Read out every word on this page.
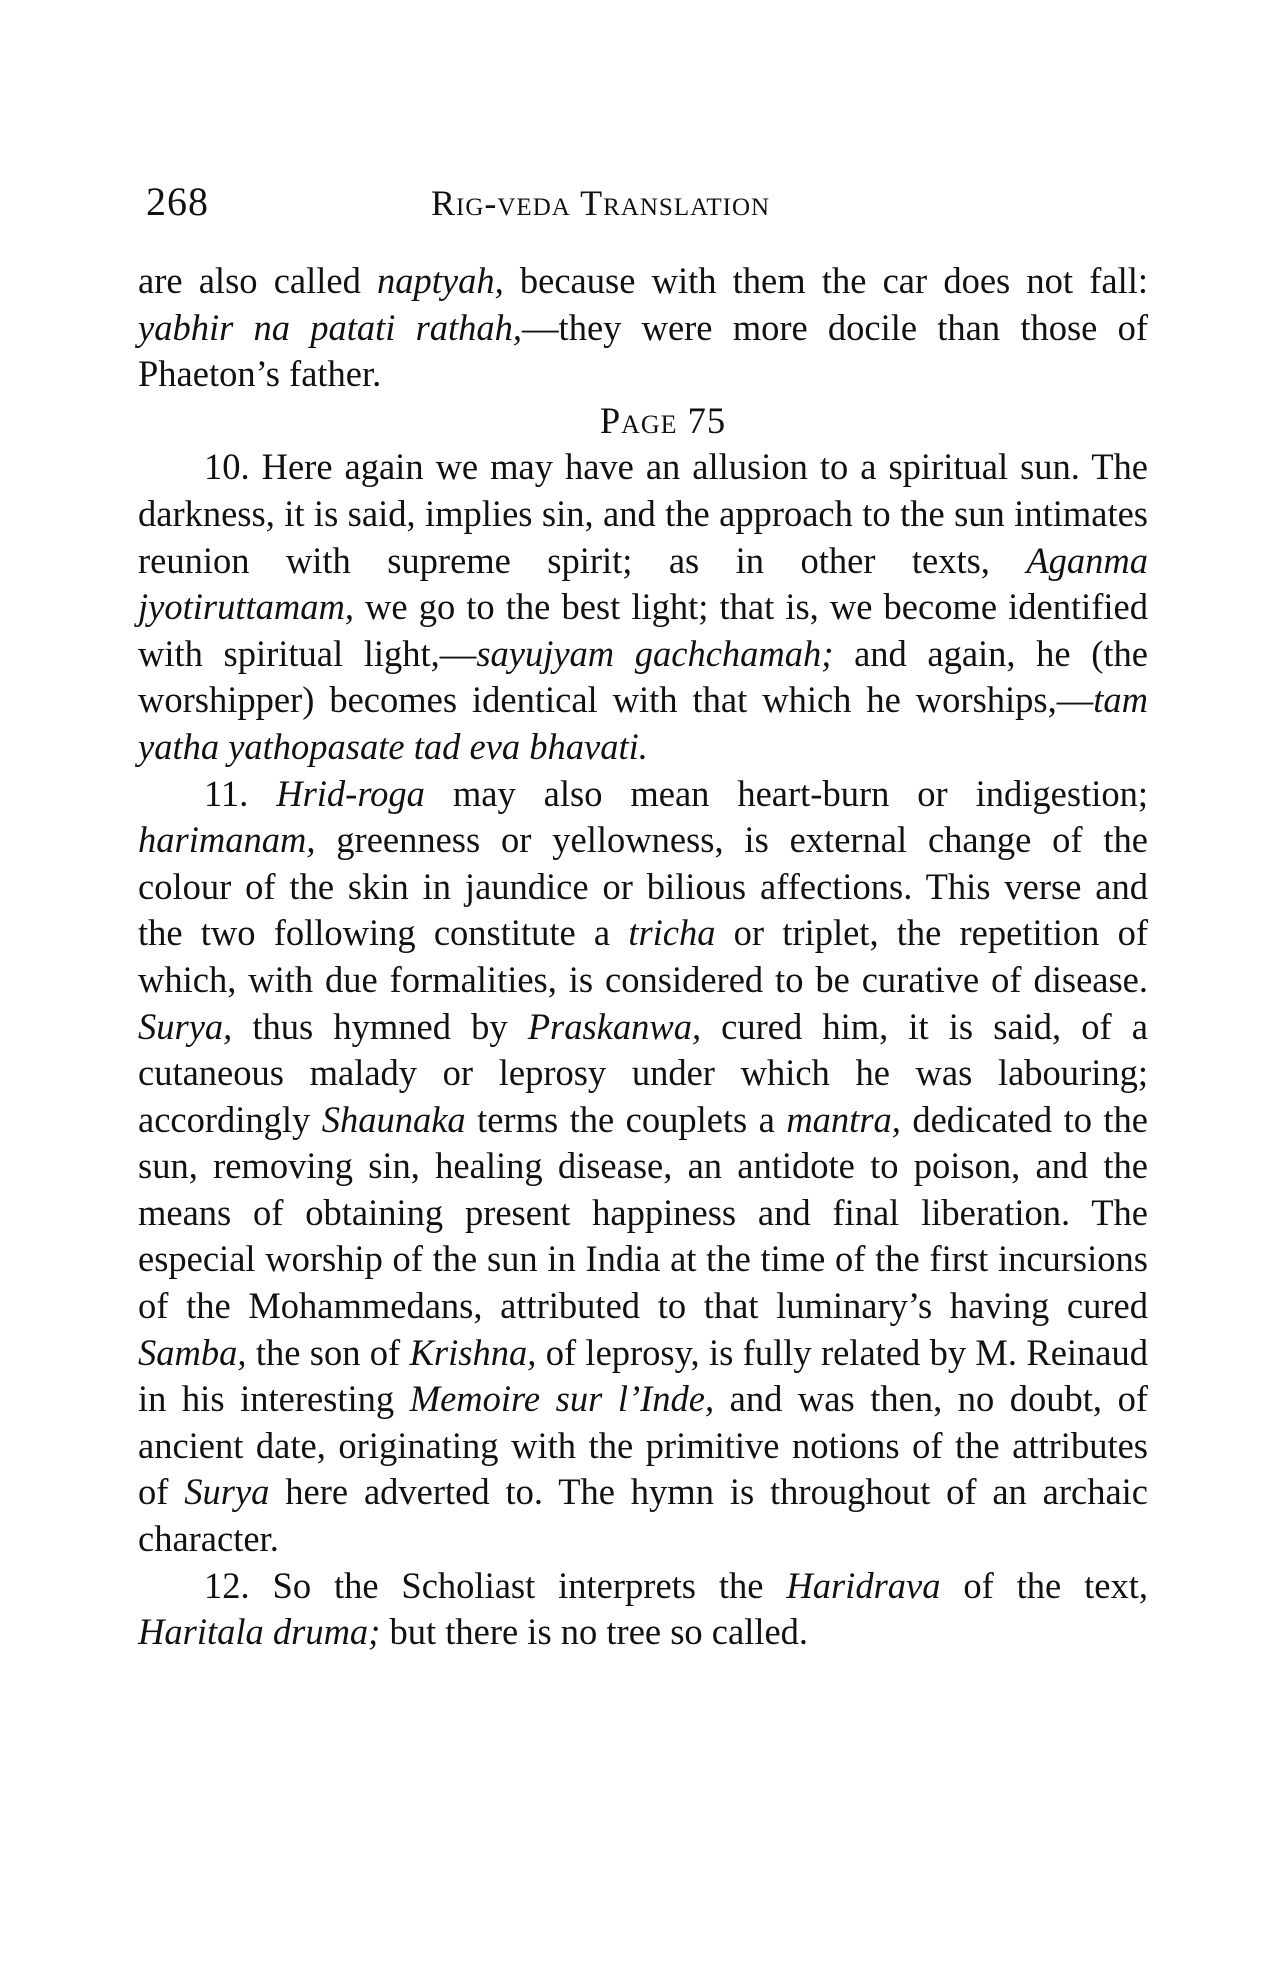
268	Rig-veda Translation

are also called naptyah, because with them the car does not fall: yabhir na patati rathah,—they were more docile than those of Phaeton’s father.

Page 75

10. Here again we may have an allusion to a spiritual sun. The darkness, it is said, implies sin, and the approach to the sun intimates reunion with supreme spirit; as in other texts, Aganma jyotiruttamam, we go to the best light; that is, we become identified with spiritual light,—sayujyam gachchamah; and again, he (the worshipper) becomes identical with that which he worships,—tam yatha yathopasate tad eva bhavati.

11. Hrid-roga may also mean heart-burn or indigestion; harimanam, greenness or yellowness, is external change of the colour of the skin in jaundice or bilious affections. This verse and the two following constitute a tricha or triplet, the repetition of which, with due formalities, is considered to be curative of disease. Surya, thus hymned by Praskanwa, cured him, it is said, of a cutaneous malady or leprosy under which he was labouring; accordingly Shaunaka terms the couplets a mantra, dedicated to the sun, removing sin, healing disease, an antidote to poison, and the means of obtaining present happiness and final liberation. The especial worship of the sun in India at the time of the first incursions of the Mohammedans, attributed to that luminary’s having cured Samba, the son of Krishna, of leprosy, is fully related by M. Reinaud in his interesting Memoire sur l’Inde, and was then, no doubt, of ancient date, originating with the primitive notions of the attributes of Surya here adverted to. The hymn is throughout of an archaic character.

12. So the Scholiast interprets the Haridrava of the text, Haritala druma; but there is no tree so called.
